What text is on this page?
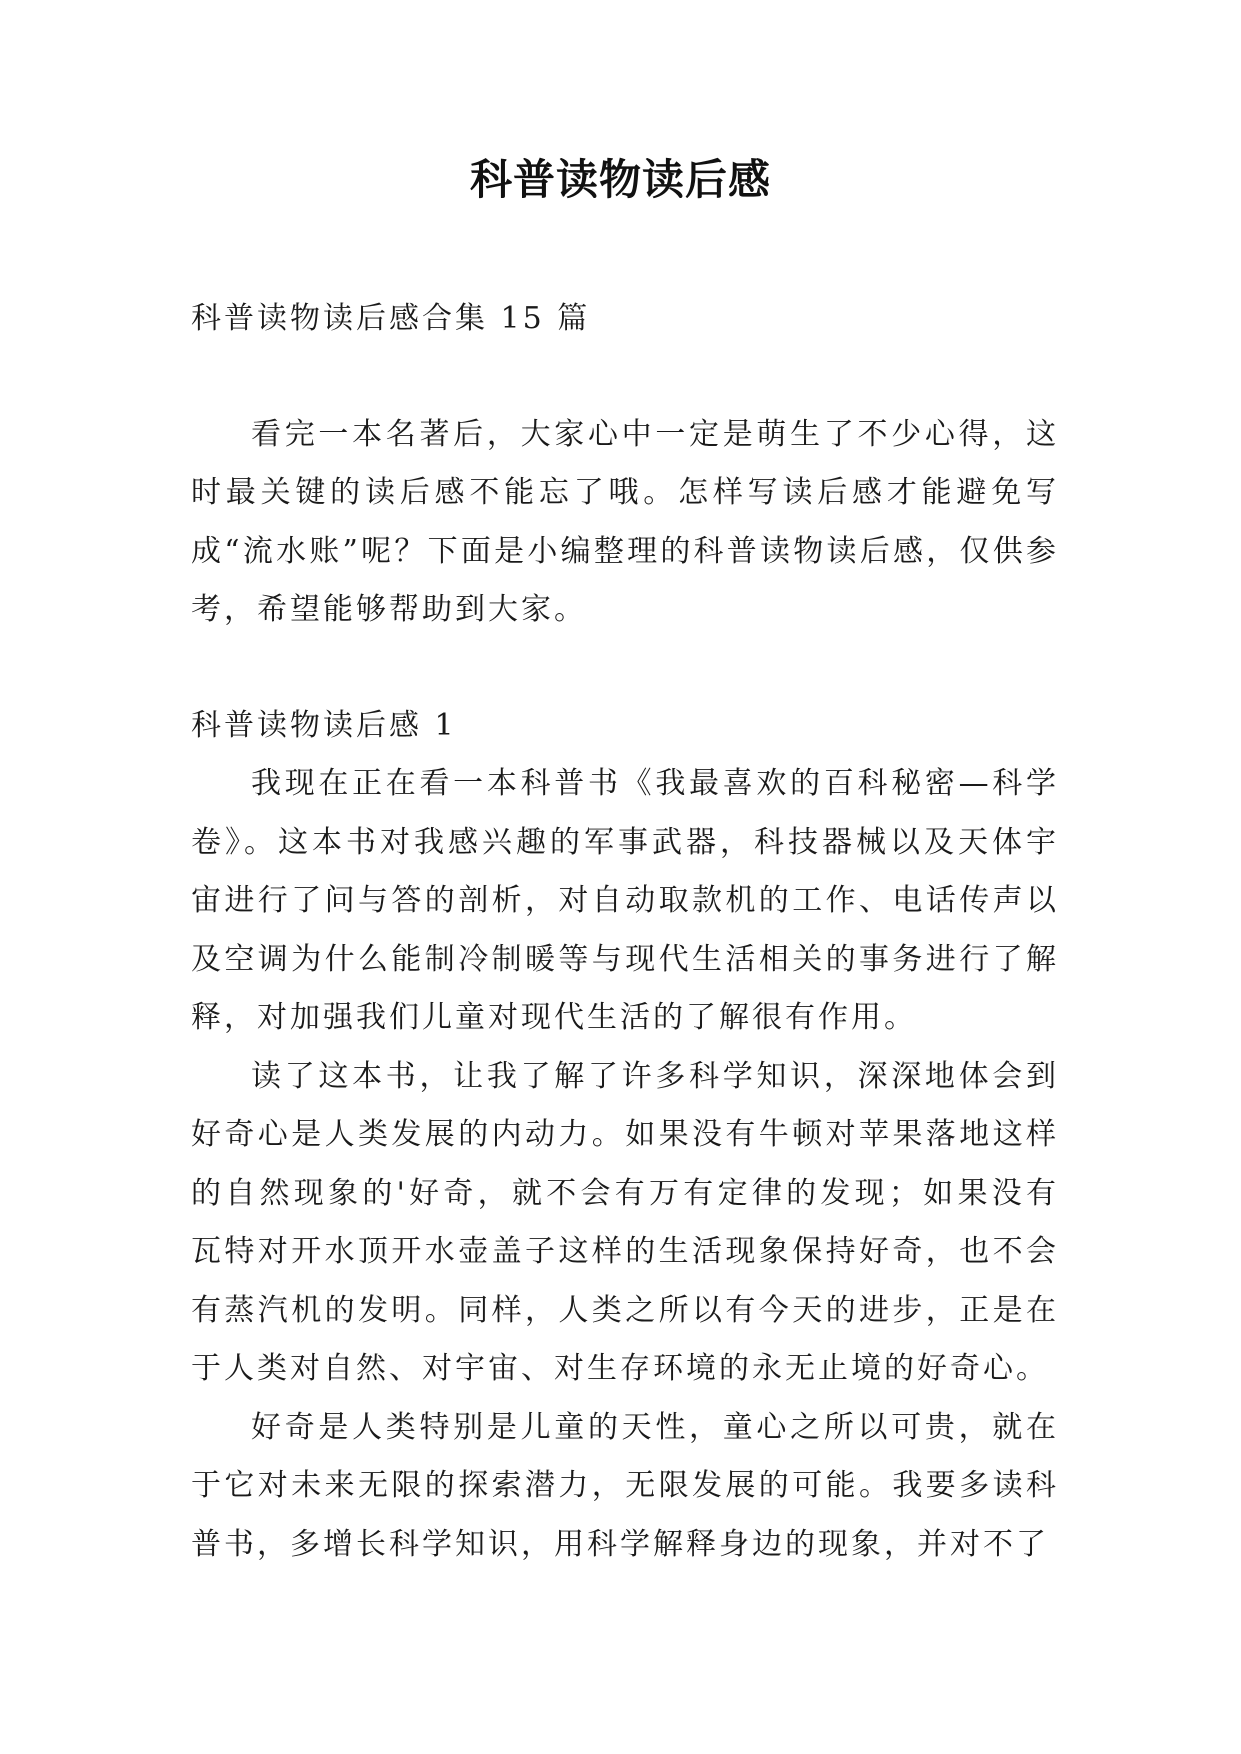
科普读物读后感

科普读物读后感合集 15 篇

看完一本名著后，大家心中一定是萌生了不少心得，这时最关键的读后感不能忘了哦。怎样写读后感才能避免写成“流水账”呢？下面是小编整理的科普读物读后感，仅供参考，希望能够帮助到大家。

科普读物读后感 1

我现在正在看一本科普书《我最喜欢的百科秘密—科学卷》。这本书对我感兴趣的军事武器，科技器械以及天体宇宙进行了问与答的剖析，对自动取款机的工作、电话传声以及空调为什么能制冷制暖等与现代生活相关的事务进行了解释，对加强我们儿童对现代生活的了解很有作用。

读了这本书，让我了解了许多科学知识，深深地体会到好奇心是人类发展的内动力。如果没有牛顿对苹果落地这样的自然现象的'好奇，就不会有万有定律的发现；如果没有瓦特对开水顶开水壶盖子这样的生活现象保持好奇，也不会有蒸汽机的发明。同样，人类之所以有今天的进步，正是在于人类对自然、对宇宙、对生存环境的永无止境的好奇心。

好奇是人类特别是儿童的天性，童心之所以可贵，就在于它对未来无限的探索潜力，无限发展的可能。我要多读科普书，多增长科学知识，用科学解释身边的现象，并对不了
